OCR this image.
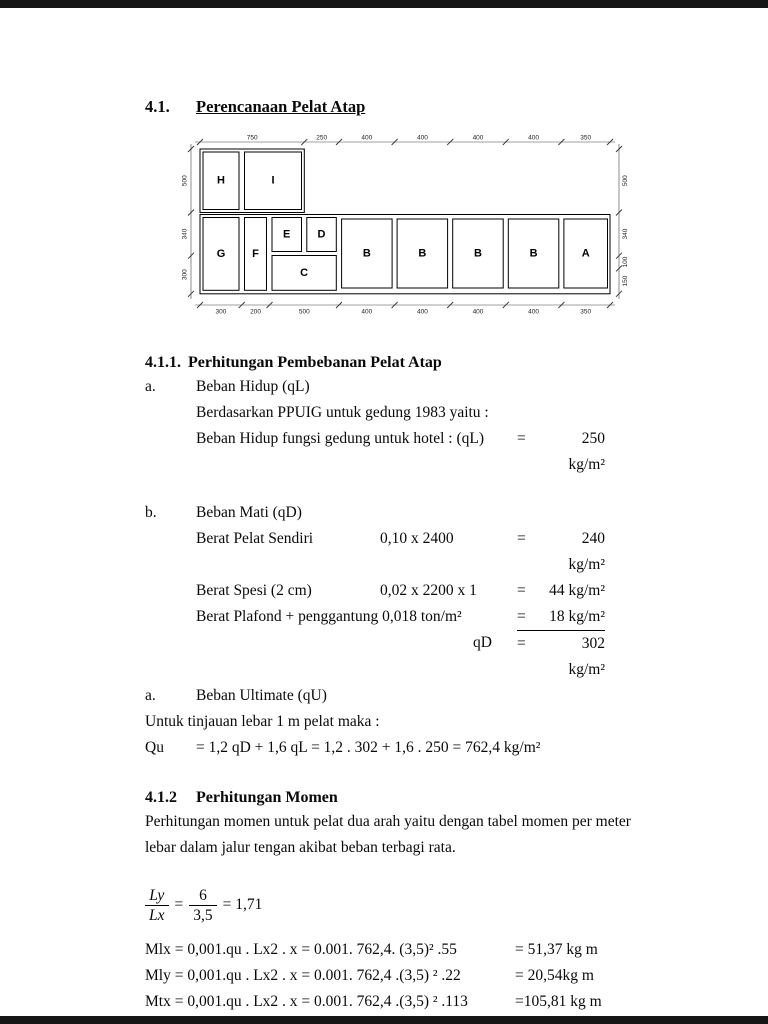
4.1.	Perencanaan Pelat Atap
750	250	400	400	400	400	350
300	200	500	400	400	400	400	350
500
340
300
500
340
100
150
H	I
G F
E D
C
B	B	B	B	A
4.1.1. Perhitungan Pembebanan Pelat Atap
a.	Beban Hidup (qL)
Berdasarkan PPUIG untuk gedung 1983 yaitu :
Beban Hidup fungsi gedung untuk hotel : (qL)	=	250 kg/m²
b.	Beban Mati (qD)
Berat Pelat Sendiri	0,10 x 2400	=	240 kg/m²
Berat Spesi (2 cm)	0,02 x 2200 x 1	=	44 kg/m²
Berat Plafond + penggantung 0,018 ton/m²	=	18 kg/m²
qD	=	302 kg/m²
a.	Beban Ultimate (qU)
Untuk tinjauan lebar 1 m pelat maka :
Qu	= 1,2 qD + 1,6 qL = 1,2 . 302 + 1,6 . 250 = 762,4 kg/m²
4.1.2	Perhitungan Momen
Perhitungan momen untuk pelat dua arah yaitu dengan tabel momen per meter
lebar dalam jalur tengan akibat beban terbagi rata.
$\frac{Ly}{Lx} = \frac{6}{3,5} = 1,71$
Mlx = 0,001.qu . Lx2 . x = 0.001. 762,4. (3,5)² .55	= 51,37 kg m
Mly = 0,001.qu . Lx2 . x = 0.001. 762,4 .(3,5) ² .22	= 20,54kg m
Mtx = 0,001.qu . Lx2 . x = 0.001. 762,4 .(3,5) ² .113	=105,81 kg m
